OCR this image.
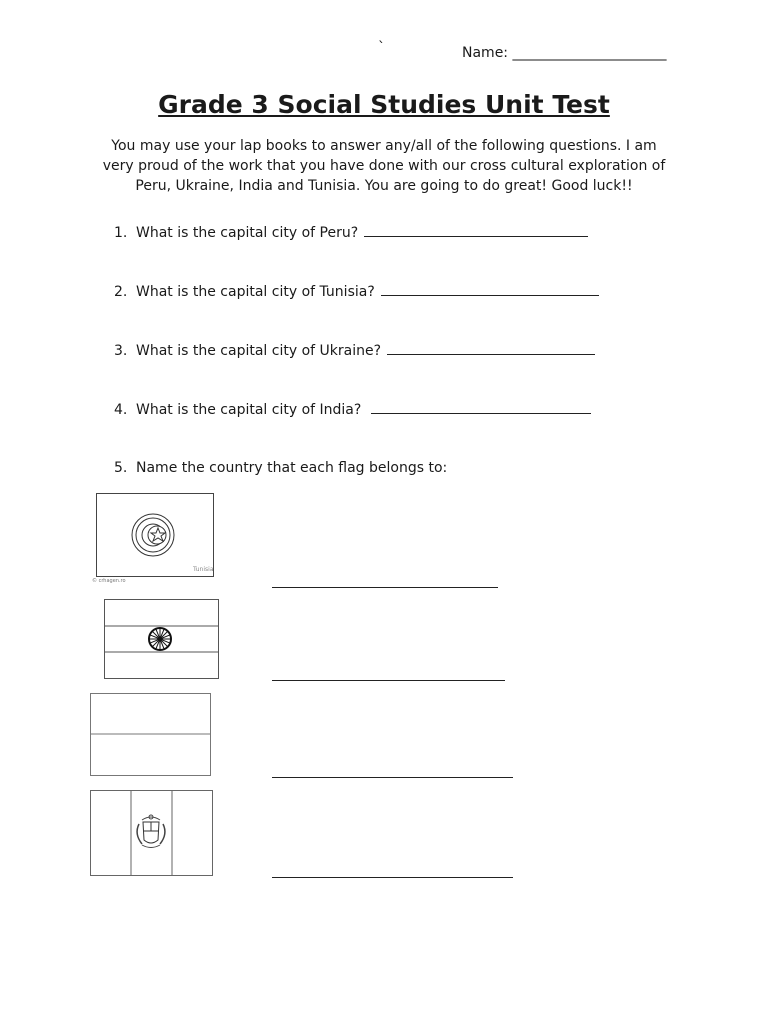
`	Name: ______________________
Grade 3 Social Studies Unit Test
You may use your lap books to answer any/all of the following questions. I am very proud of the work that you have done with our cross cultural exploration of Peru, Ukraine, India and Tunisia. You are going to do great! Good luck!!
1. What is the capital city of Peru?
2. What is the capital city of Tunisia?
3. What is the capital city of Ukraine?
4. What is the capital city of India?
5. Name the country that each flag belongs to:
Tunisia
© crhagen.ro
